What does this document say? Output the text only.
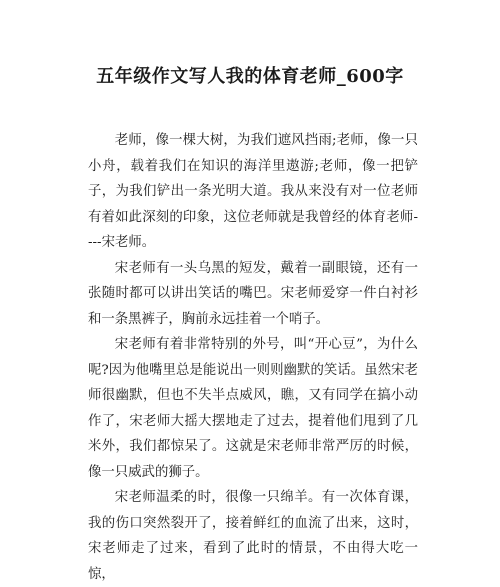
五年级作文写人我的体育老师_600字

老师，像一棵大树，为我们遮风挡雨;老师，像一只小舟，载着我们在知识的海洋里遨游;老师，像一把铲子，为我们铲出一条光明大道。我从来没有对一位老师有着如此深刻的印象，这位老师就是我曾经的体育老师----宋老师。

宋老师有一头乌黑的短发，戴着一副眼镜，还有一张随时都可以讲出笑话的嘴巴。宋老师爱穿一件白衬衫和一条黑裤子，胸前永远挂着一个哨子。

宋老师有着非常特别的外号，叫“开心豆”，为什么呢?因为他嘴里总是能说出一则则幽默的笑话。虽然宋老师很幽默，但也不失半点威风，瞧，又有同学在搞小动作了，宋老师大摇大摆地走了过去，提着他们甩到了几米外，我们都惊呆了。这就是宋老师非常严厉的时候，像一只威武的狮子。

宋老师温柔的时，很像一只绵羊。有一次体育课，我的伤口突然裂开了，接着鲜红的血流了出来，这时，宋老师走了过来，看到了此时的情景，不由得大吃一惊，
